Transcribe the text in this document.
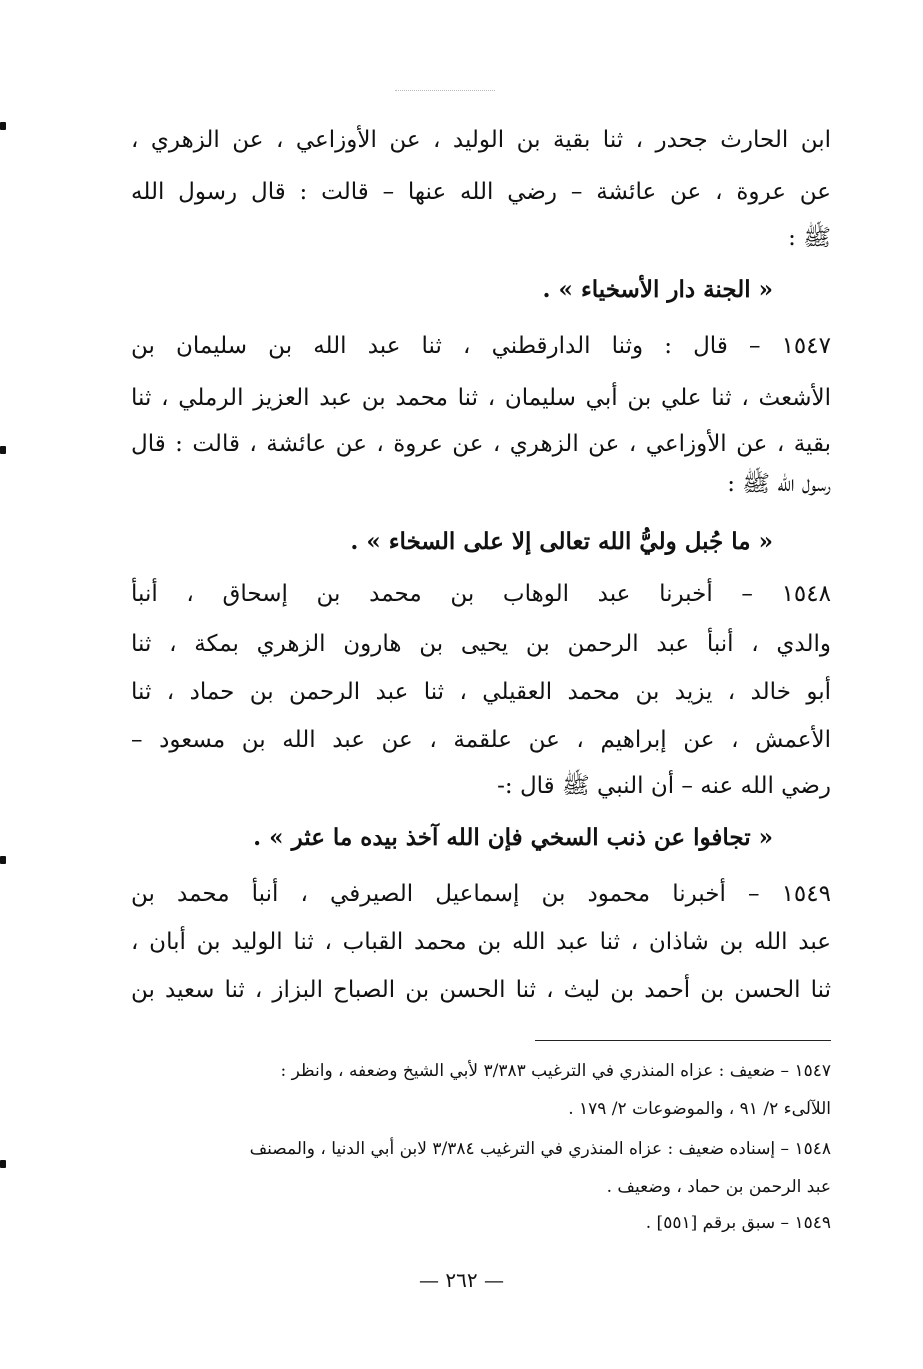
ابن الحارث جحدر ، ثنا بقية بن الوليد ، عن الأوزاعي ، عن الزهري ،
عن عروة ، عن عائشة – رضي الله عنها – قالت : قال رسول الله
ﷺ :
« الجنة دار الأسخياء » .
١٥٤٧ – قال : وثنا الدارقطني ، ثنا عبد الله بن سليمان بن
الأشعث ، ثنا علي بن أبي سليمان ، ثنا محمد بن عبد العزيز الرملي ، ثنا
بقية ، عن الأوزاعي ، عن الزهري ، عن عروة ، عن عائشة ، قالت : قال
رسول الله ﷺ :
« ما جُبل وليُّ الله تعالى إلا على السخاء » .
١٥٤٨ – أخبرنا عبد الوهاب بن محمد بن إسحاق ، أنبأ
والدي ، أنبأ عبد الرحمن بن يحيى بن هارون الزهري بمكة ، ثنا
أبو خالد ، يزيد بن محمد العقيلي ، ثنا عبد الرحمن بن حماد ، ثنا
الأعمش ، عن إبراهيم ، عن علقمة ، عن عبد الله بن مسعود –
رضي الله عنه – أن النبي ﷺ قال :-
« تجافوا عن ذنب السخي فإن الله آخذ بيده ما عثر » .
١٥٤٩ – أخبرنا محمود بن إسماعيل الصيرفي ، أنبأ محمد بن
عبد الله بن شاذان ، ثنا عبد الله بن محمد القباب ، ثنا الوليد بن أبان ،
ثنا الحسن بن أحمد بن ليث ، ثنا الحسن بن الصباح البزاز ، ثنا سعيد بن
١٥٤٧ – ضعيف : عزاه المنذري في الترغيب ٣/٣٨٣ لأبي الشيخ وضعفه ، وانظر :
اللآلىء ٢/ ٩١ ، والموضوعات ٢/ ١٧٩ .
١٥٤٨ – إسناده ضعيف : عزاه المنذري في الترغيب ٣/٣٨٤ لابن أبي الدنيا ، والمصنف
عبد الرحمن بن حماد ، وضعيف .
١٥٤٩ – سبق برقم [٥٥١] .
— ٢٦٢ —
